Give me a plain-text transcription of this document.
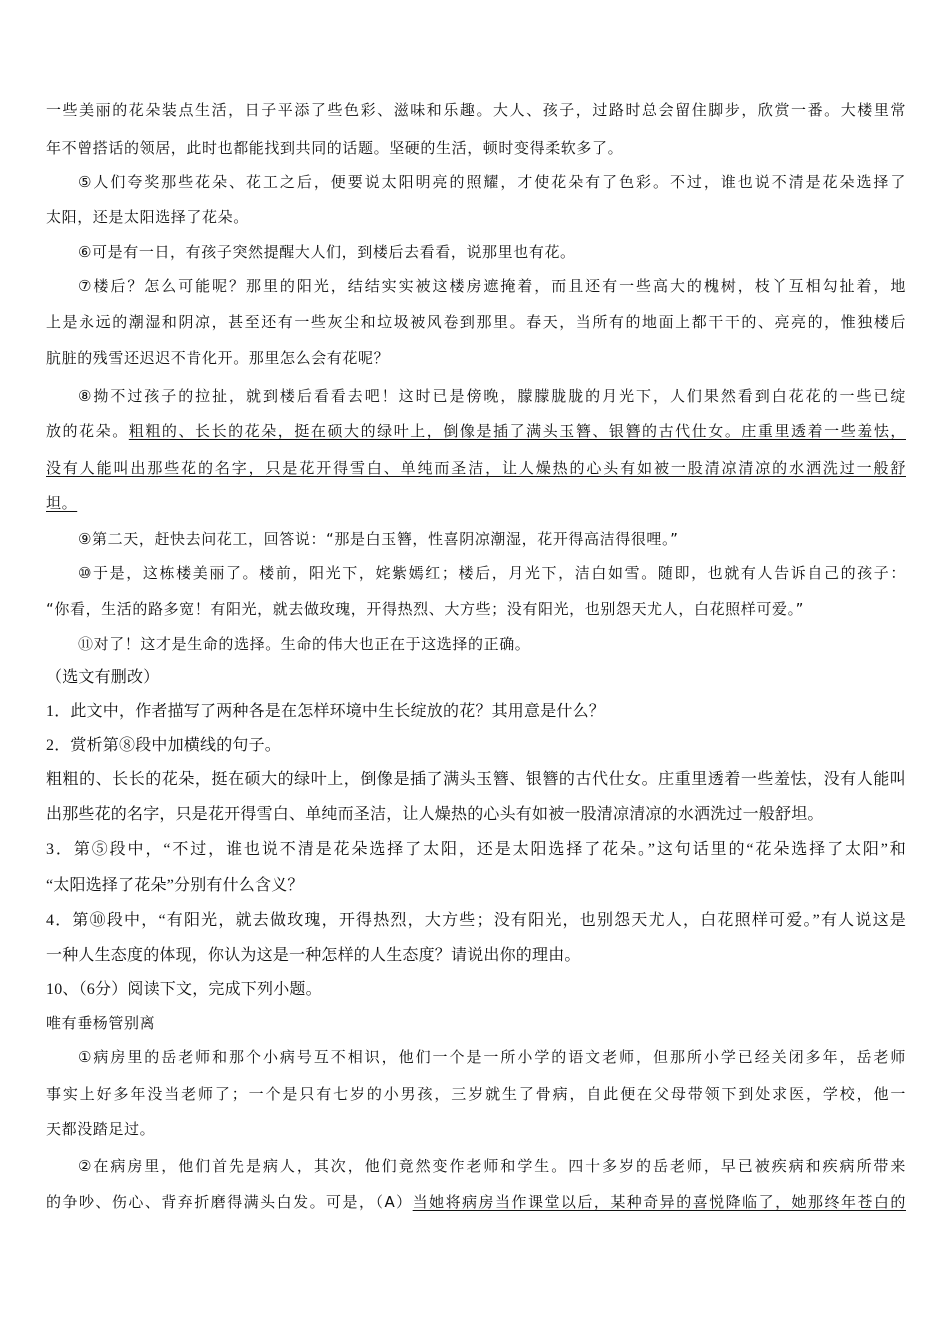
一些美丽的花朵装点生活，日子平添了些色彩、滋味和乐趣。大人、孩子，过路时总会留住脚步，欣赏一番。大楼里常
年不曾搭话的领居，此时也都能找到共同的话题。坚硬的生活，顿时变得柔软多了。
⑤人们夸奖那些花朵、花工之后，便要说太阳明亮的照耀，才使花朵有了色彩。不过，谁也说不清是花朵选择了
太阳，还是太阳选择了花朵。
⑥可是有一日，有孩子突然提醒大人们，到楼后去看看，说那里也有花。
⑦楼后？怎么可能呢？那里的阳光，结结实实被这楼房遮掩着，而且还有一些高大的槐树，枝丫互相勾扯着，地
上是永远的潮湿和阴凉，甚至还有一些灰尘和垃圾被风卷到那里。春天，当所有的地面上都干干的、亮亮的，惟独楼后
肮脏的残雪还迟迟不肯化开。那里怎么会有花呢？
⑧拗不过孩子的拉扯，就到楼后看看去吧！这时已是傍晚，朦朦胧胧的月光下，人们果然看到白花花的一些已绽
放的花朵。粗粗的、长长的花朵，挺在硕大的绿叶上，倒像是插了满头玉簪、银簪的古代仕女。庄重里透着一些羞怯，
没有人能叫出那些花的名字，只是花开得雪白、单纯而圣洁，让人燥热的心头有如被一股清凉清凉的水洒洗过一般舒
坦。
⑨第二天，赶快去问花工，回答说：“那是白玉簪，性喜阴凉潮湿，花开得高洁得很哩。”
⑩于是，这栋楼美丽了。楼前，阳光下，姹紫嫣红；楼后，月光下，洁白如雪。随即，也就有人告诉自己的孩子：
“你看，生活的路多宽！有阳光，就去做玫瑰，开得热烈、大方些；没有阳光，也别怨天尤人，白花照样可爱。”
⑪对了！这才是生命的选择。生命的伟大也正在于这选择的正确。
（选文有删改）
1．此文中，作者描写了两种各是在怎样环境中生长绽放的花？其用意是什么？
2．赏析第⑧段中加横线的句子。
粗粗的、长长的花朵，挺在硕大的绿叶上，倒像是插了满头玉簪、银簪的古代仕女。庄重里透着一些羞怯，没有人能叫
出那些花的名字，只是花开得雪白、单纯而圣洁，让人燥热的心头有如被一股清凉清凉的水洒洗过一般舒坦。
3．第⑤段中，“不过，谁也说不清是花朵选择了太阳，还是太阳选择了花朵。”这句话里的“花朵选择了太阳”和
“太阳选择了花朵”分别有什么含义？
4．第⑩段中，“有阳光，就去做玫瑰，开得热烈，大方些；没有阳光，也别怨天尤人，白花照样可爱。”有人说这是
一种人生态度的体现，你认为这是一种怎样的人生态度？请说出你的理由。
10、（6分）阅读下文，完成下列小题。
唯有垂杨管别离
①病房里的岳老师和那个小病号互不相识，他们一个是一所小学的语文老师，但那所小学已经关闭多年，岳老师
事实上好多年没当老师了；一个是只有七岁的小男孩，三岁就生了骨病，自此便在父母带领下到处求医，学校，他一
天都没踏足过。
②在病房里，他们首先是病人，其次，他们竟然变作老师和学生。四十多岁的岳老师，早已被疾病和疾病所带来
的争吵、伤心、背弃折磨得满头白发。可是，（A）当她将病房当作课堂以后，某种奇异的喜悦降临了，她那终年苍白的
